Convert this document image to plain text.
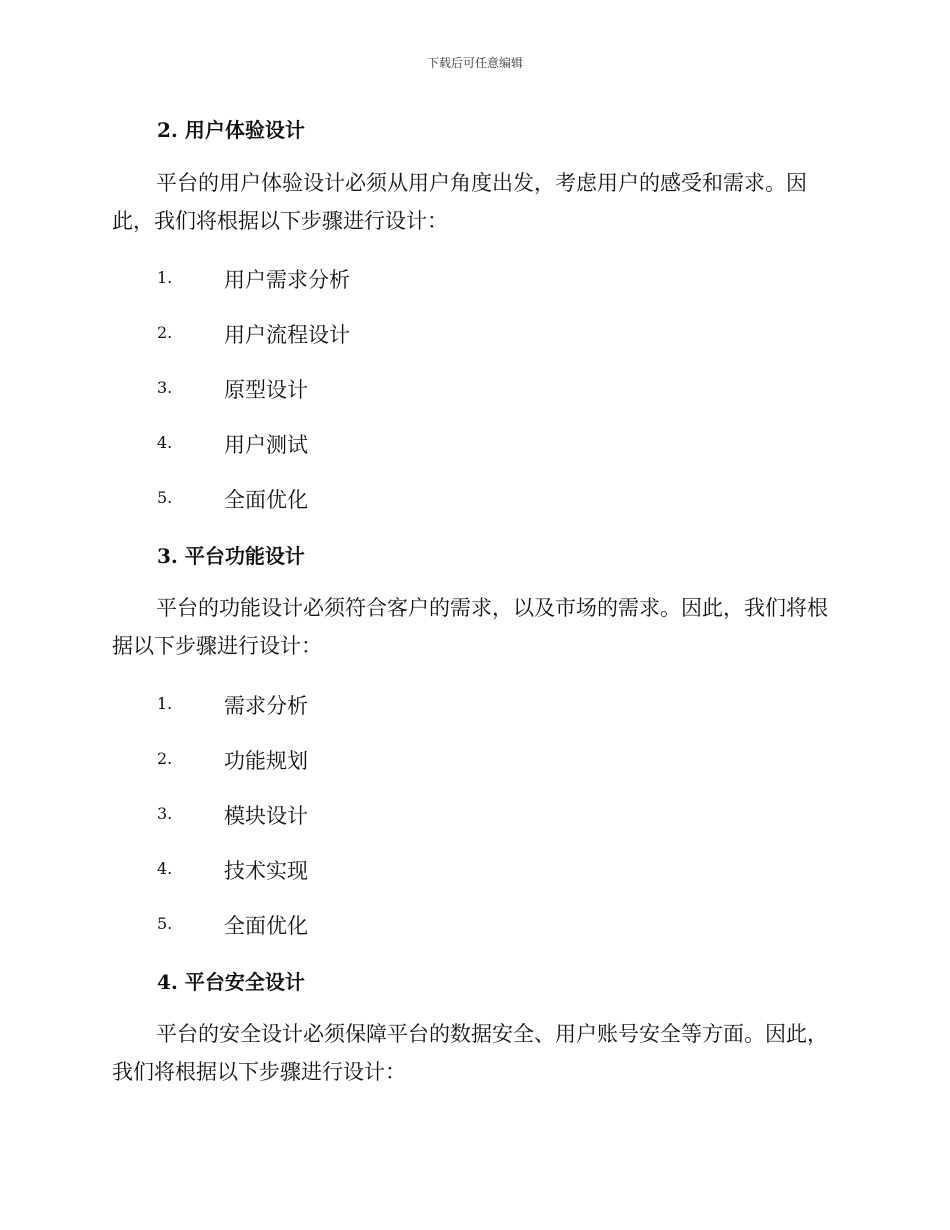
下载后可任意编辑
2. 用户体验设计

平台的用户体验设计必须从用户角度出发，考虑用户的感受和需求。因此，我们将根据以下步骤进行设计：

1. 用户需求分析
2. 用户流程设计
3. 原型设计
4. 用户测试
5. 全面优化
3. 平台功能设计

平台的功能设计必须符合客户的需求，以及市场的需求。因此，我们将根据以下步骤进行设计：

1. 需求分析
2. 功能规划
3. 模块设计
4. 技术实现
5. 全面优化
4. 平台安全设计

平台的安全设计必须保障平台的数据安全、用户账号安全等方面。因此，我们将根据以下步骤进行设计：
